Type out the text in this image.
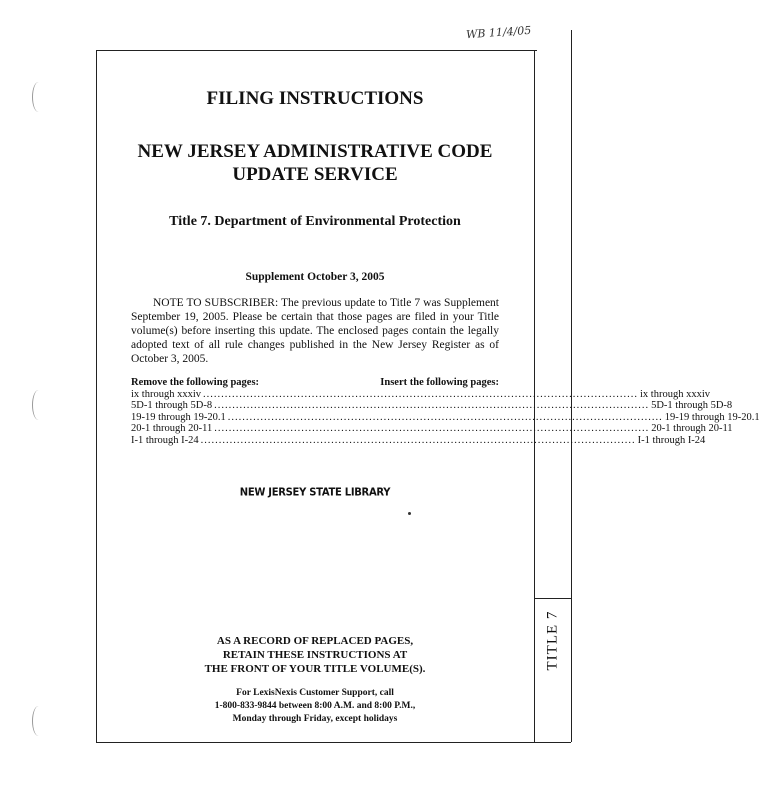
TITLE 7
WB 11/4/05
FILING INSTRUCTIONS
NEW JERSEY ADMINISTRATIVE CODE
UPDATE SERVICE
Title 7. Department of Environmental Protection
Supplement October 3, 2005
NOTE TO SUBSCRIBER: The previous update to Title 7 was Supplement September 19, 2005. Please be certain that those pages are filed in your Title volume(s) before inserting this update. The enclosed pages contain the legally adopted text of all rule changes published in the New Jersey Register as of October 3, 2005.
Remove the following pages:	Insert the following pages:
ix through xxxiv ........................................................................................................................ ix through xxxiv
5D-1 through 5D-8 ........................................................................................................................ 5D-1 through 5D-8
19-19 through 19-20.1 ........................................................................................................................ 19-19 through 19-20.1
20-1 through 20-11 ........................................................................................................................ 20-1 through 20-11
I-1 through I-24 ........................................................................................................................ I-1 through I-24
NEW JERSEY STATE LIBRARY
AS A RECORD OF REPLACED PAGES,
RETAIN THESE INSTRUCTIONS AT
THE FRONT OF YOUR TITLE VOLUME(S).
For LexisNexis Customer Support, call
1-800-833-9844 between 8:00 A.M. and 8:00 P.M.,
Monday through Friday, except holidays
